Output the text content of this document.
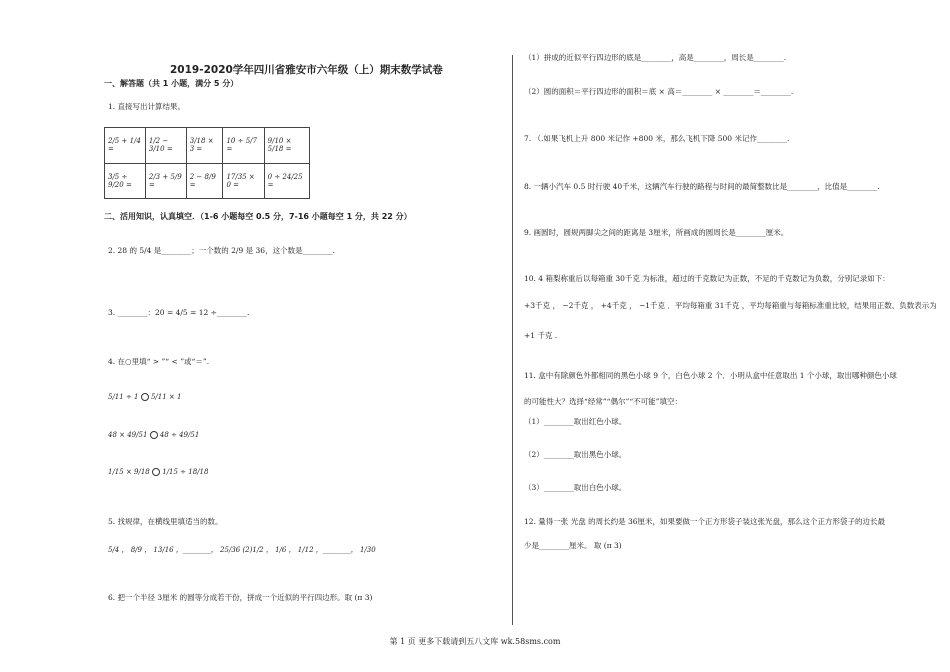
2019-2020学年四川省雅安市六年级（上）期末数学试卷
一、解答题（共 1 小题，满分 5 分）
1. 直接写出计算结果。
2/5 + 1/4 =	1/2 − 3/10 =	3/18 × 3 =	10 ÷ 5/7 =	9/10 × 5/18 =
3/5 ÷ 9/20 =	2/3 + 5/9 =	2 − 8/9 =	17/35 × 0 =	0 ÷ 24/25 =
二、活用知识，认真填空．（1-6 小题每空 0.5 分，7-16 小题每空 1 分，共 22 分）
2. 28 的 5/4 是________；一个数的 2/9 是 36，这个数是________.
3. ________：20 = 4/5 = 12 ÷________.
4. 在○里填“ > ”“ < ”或“＝”.
5/11 ÷ 1 5/11 × 1
48 × 49/51 48 ÷ 49/51
1/15 × 9/18 1/15 ÷ 18/18
5. 找规律，在横线里填适当的数。
5/4 ， 8/9 ， 13/16 ，________， 25/36 (2)1/2 ， 1/6 ， 1/12 ，________， 1/30
6. 把一个半径 3厘米 的圆等分成若干份，拼成一个近似的平行四边形。取 (π 3)
（1）拼成的近似平行四边形的底是________，高是________，周长是________.
（2）圆的面积＝平行四边形的面积＝底 × 高＝________ × ________＝________.
7. （.如果飞机上升 800 米记作 +800 米，那么飞机下降 500 米记作________.
8. 一辆小汽车 0.5 时行驶 40千米，这辆汽车行驶的路程与时间的最简整数比是________，比值是________.
9. 画圆时，圆规两脚尖之间的距离是 3厘米，所画成的圆周长是________厘米。
10. 4 箱梨称重后以每箱重 30千克 为标准，超过的千克数记为正数，不足的千克数记为负数，分别记录如下：
+3千克 ， −2千克 ， +4千克 ， −1千克 ．平均每箱重 31千克 ，平均每箱重与每箱标准重比较，结果用正数、负数表示为
+1 千克 .
11. 盒中有除颜色外都相同的黑色小球 9 个，白色小球 2 个．小明从盒中任意取出 1 个小球，取出哪种颜色小球
的可能性大？选择“经常”“偶尔”“不可能”填空：
（1）________取出红色小球。
（2）________取出黑色小球。
（3）________取出白色小球。
12. 量得一张 光盘 的周长约是 36厘米，如果要做一个正方形袋子装这张光盘，那么这个正方形袋子的边长最
少是________厘米。 取 (π 3)
第 1 页 更多下载请到五八文库 wk.58sms.com
